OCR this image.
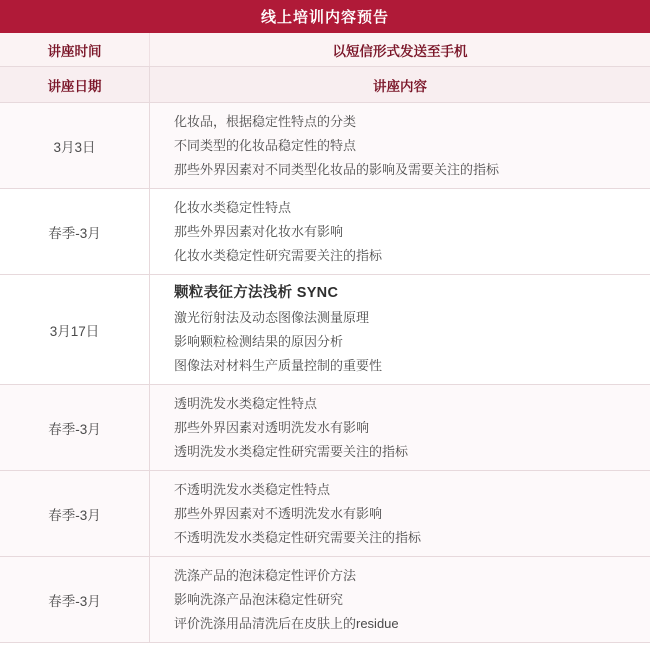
线上培训内容预告
讲座时间	以短信形式发送至手机
讲座日期	讲座内容
3月3日
化妆品，根据稳定性特点的分类
不同类型的化妆品稳定性的特点
那些外界因素对不同类型化妆品的影响及需要关注的指标
春季-3月
化妆水类稳定性特点
那些外界因素对化妆水有影响
化妆水类稳定性研究需要关注的指标
3月17日
颗粒表征方法浅析 SYNC
激光衍射法及动态图像法测量原理
影响颗粒检测结果的原因分析
图像法对材料生产质量控制的重要性
春季-3月
透明洗发水类稳定性特点
那些外界因素对透明洗发水有影响
透明洗发水类稳定性研究需要关注的指标
春季-3月
不透明洗发水类稳定性特点
那些外界因素对不透明洗发水有影响
不透明洗发水类稳定性研究需要关注的指标
春季-3月
洗涤产品的泡沫稳定性评价方法
影响洗涤产品泡沫稳定性研究
评价洗涤用品清洗后在皮肤上的residue
